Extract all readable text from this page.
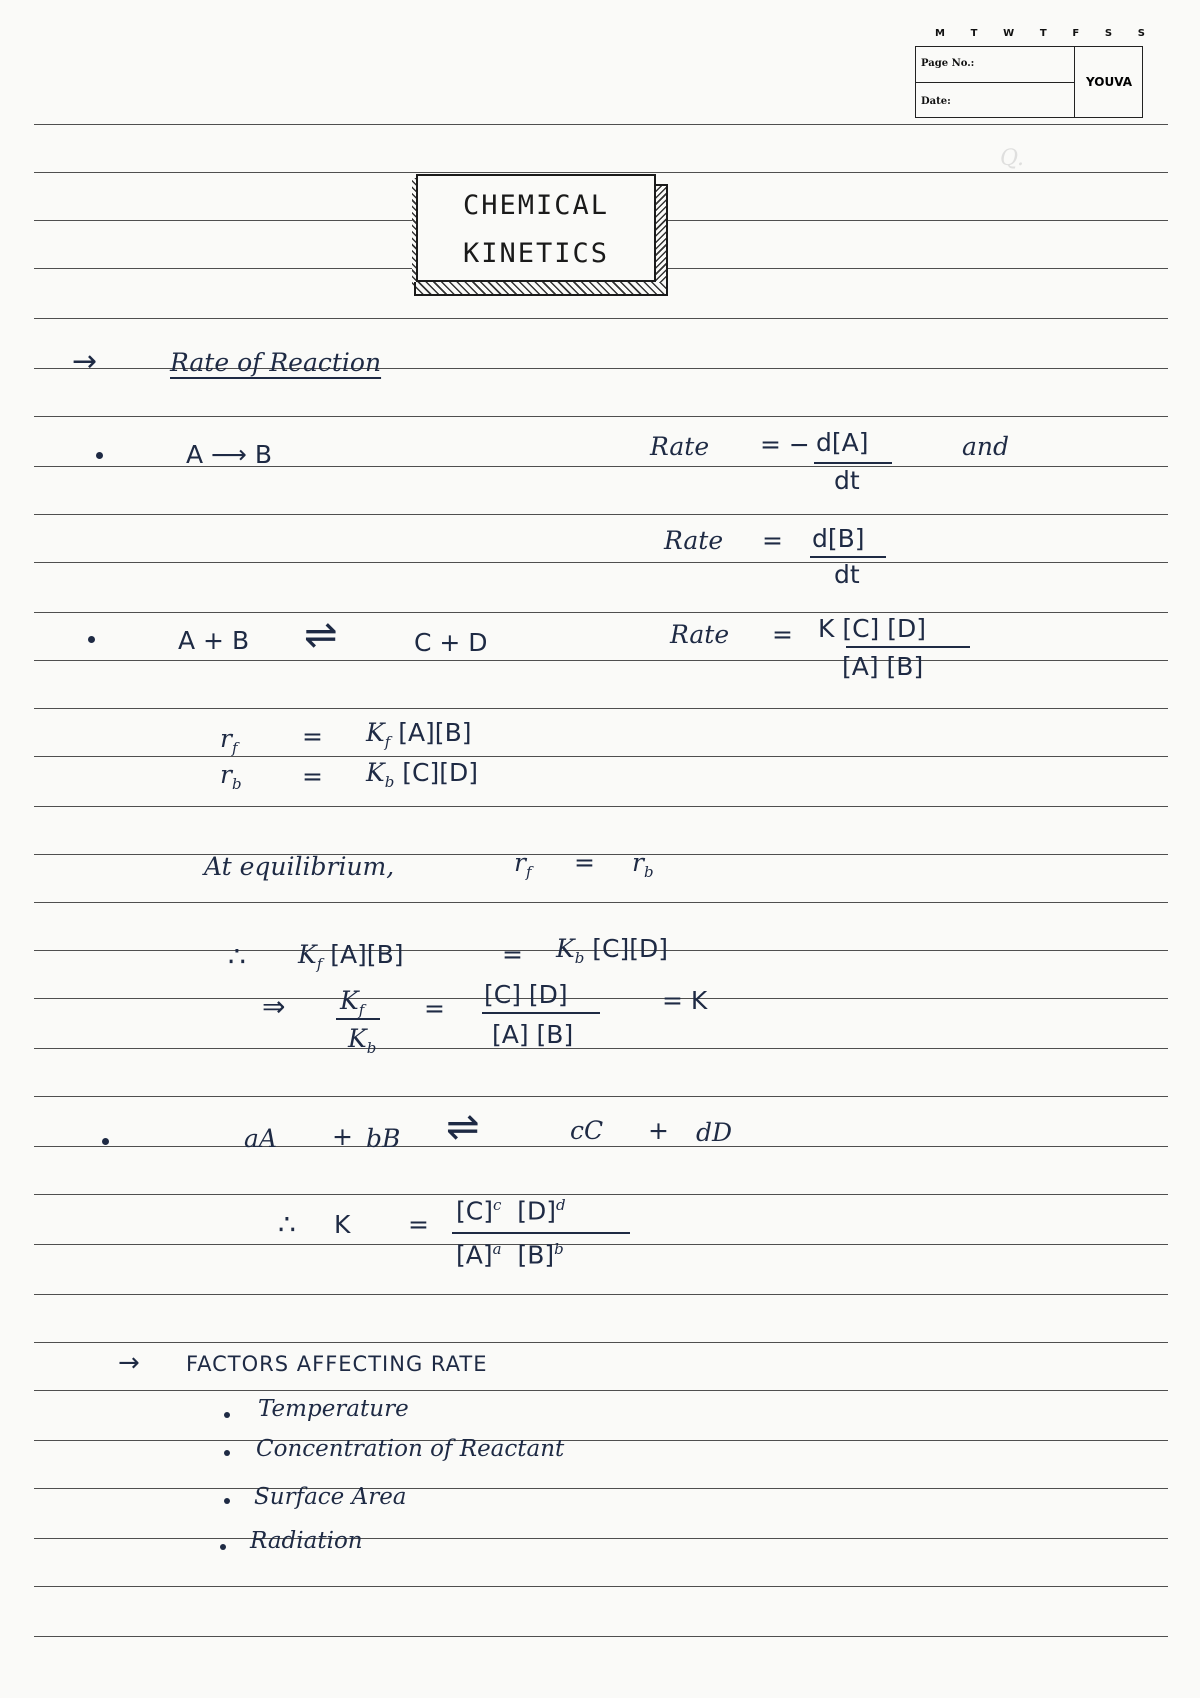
M	T	W	T	F	S	S
Page No.:
Date:
YOUVA
Q.
CHEMICAL
KINETICS
→	Rate of Reaction
A ⟶ B	Rate = − d[A]
dt
and
Rate = d[B]
dt
A + B ⇌	C + D	Rate = K [C] [D]
[A] [B]
$r_f$	= $K_f$ [A][B]
$r_b = K_b$ [C][D]
At equilibrium,	$r_f = r_b$
∴ $K_f$ [A][B]	= $K_b$ [C][D]
⇒ $K_f$
$K_b$
= [C] [D]
[A] [B]
= K
aA + bB ⇌	cC + dD
∴ $K = [C]^c$ $[D]^d$
$[A]^a$ $[B]^b$
→ FACTORS AFFECTING RATE
Temperature
Concentration of Reactant
Surface Area
Radiation
